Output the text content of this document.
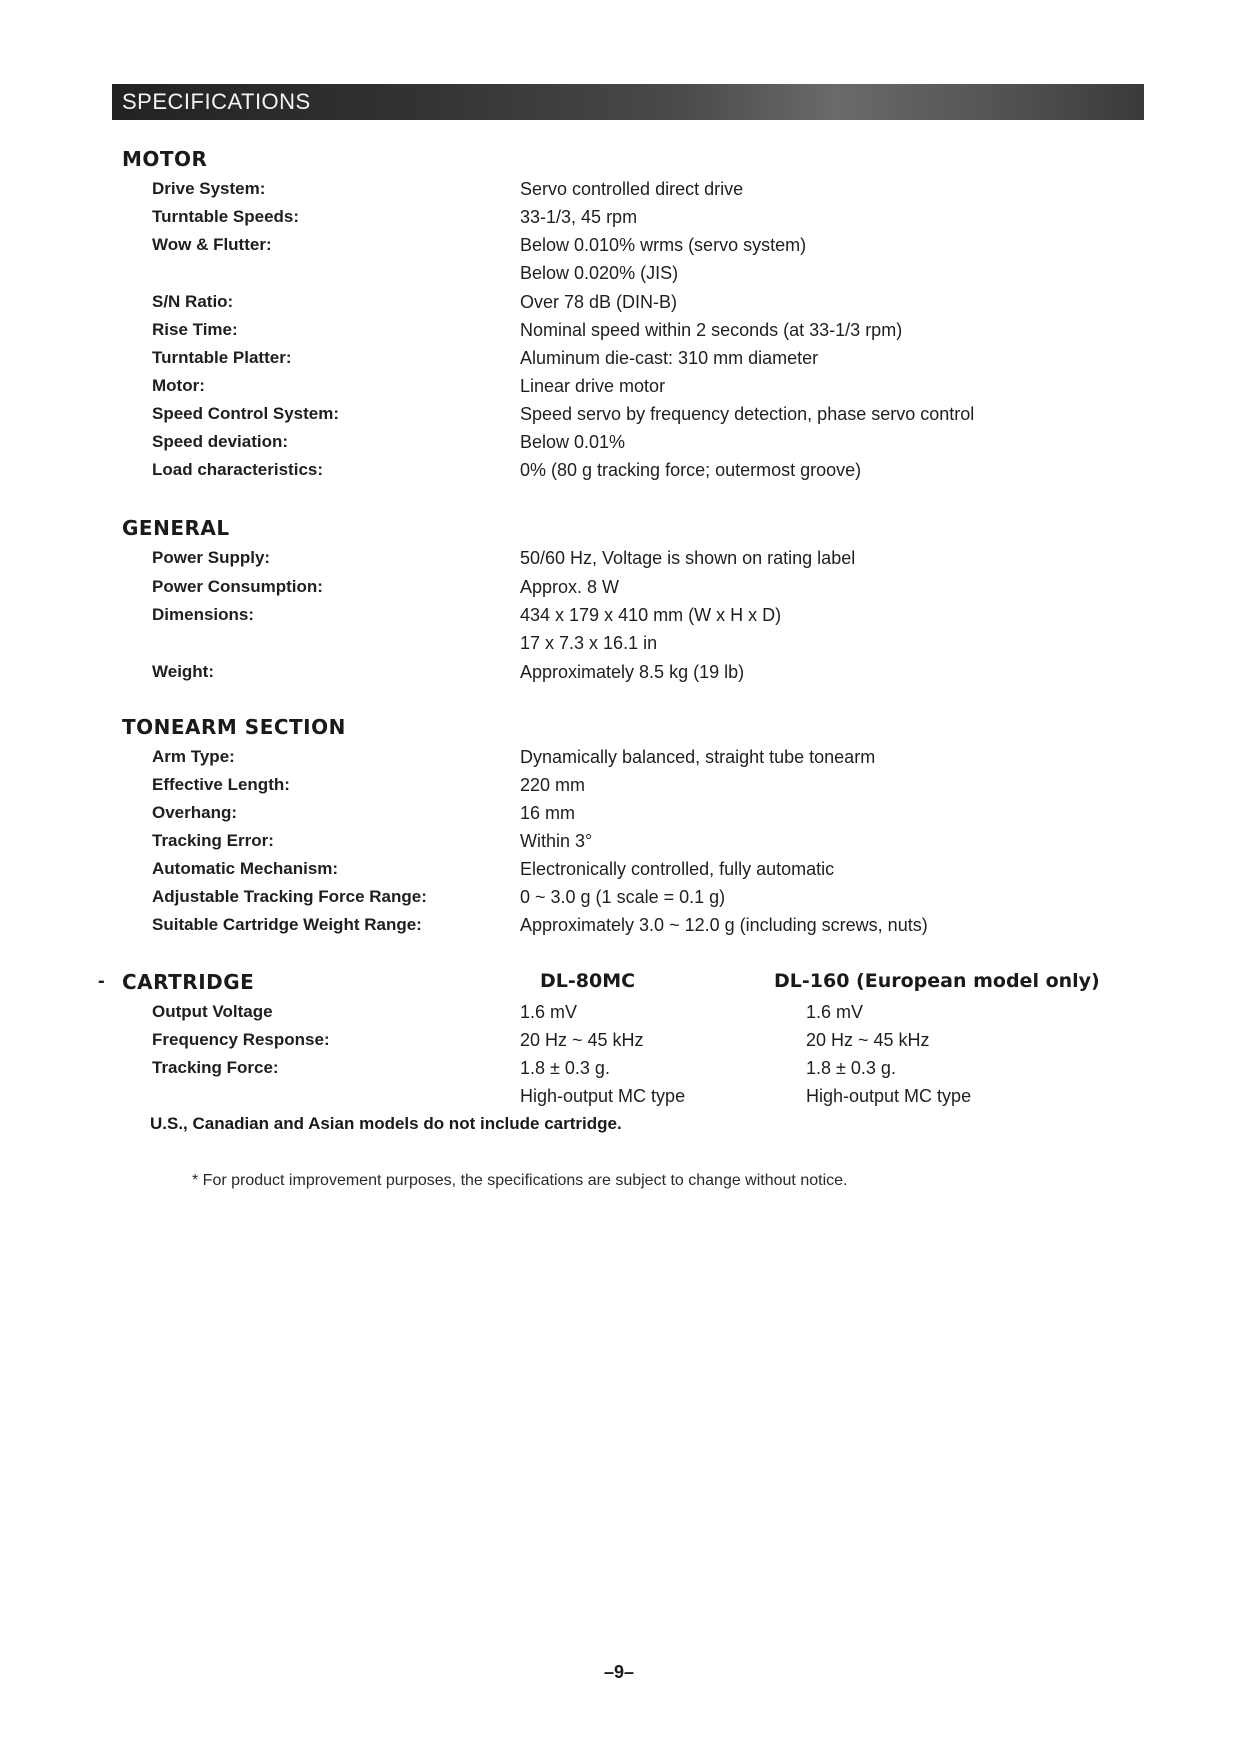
SPECIFICATIONS
MOTOR
Drive System:	Servo controlled direct drive
Turntable Speeds:	33-1/3, 45 rpm
Wow & Flutter:	Below 0.010% wrms (servo system)
Below 0.020% (JIS)
S/N Ratio:	Over 78 dB (DIN-B)
Rise Time:	Nominal speed within 2 seconds (at 33-1/3 rpm)
Turntable Platter:	Aluminum die-cast: 310 mm diameter
Motor:	Linear drive motor
Speed Control System:	Speed servo by frequency detection, phase servo control
Speed deviation:	Below 0.01%
Load characteristics:	0% (80 g tracking force; outermost groove)
GENERAL
Power Supply:	50/60 Hz, Voltage is shown on rating label
Power Consumption:	Approx. 8 W
Dimensions:	434 x 179 x 410 mm (W x H x D)
17 x 7.3 x 16.1 in
Weight:	Approximately 8.5 kg (19 lb)
TONEARM SECTION
Arm Type:	Dynamically balanced, straight tube tonearm
Effective Length:	220 mm
Overhang:	16 mm
Tracking Error:	Within 3°
Automatic Mechanism:	Electronically controlled, fully automatic
Adjustable Tracking Force Range:	0 ~ 3.0 g (1 scale = 0.1 g)
Suitable Cartridge Weight Range:	Approximately 3.0 ~ 12.0 g (including screws, nuts)
- CARTRIDGE	DL-80MC	DL-160 (European model only)
Output Voltage	1.6 mV	1.6 mV
Frequency Response:	20 Hz ~ 45 kHz	20 Hz ~ 45 kHz
Tracking Force:	1.8 ± 0.3 g.	1.8 ± 0.3 g.
High-output MC type	High-output MC type
U.S., Canadian and Asian models do not include cartridge.
* For product improvement purposes, the specifications are subject to change without notice.
–9–
